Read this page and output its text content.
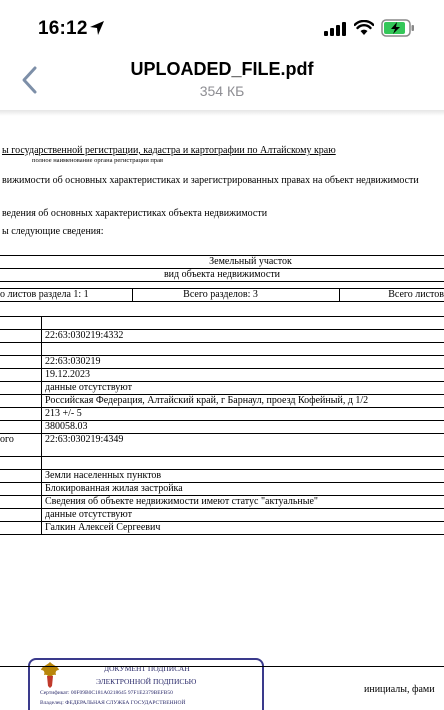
16:12
UPLOADED_FILE.pdf
354 КБ
ы государственной регистрации, кадастра и картографии по Алтайскому краю
полное наименование органа регистрации прав
вижимости об основных характеристиках и зарегистрированных правах на объект недвижимости
ведения об основных характеристиках объекта недвижимости
ы следующие сведения:
Земельный участок
вид объекта недвижимости
о листов раздела 1: 1	Всего разделов: 3	Всего листов

	22:63:030219:4332

	22:63:030219
	19.12.2023
	данные отсутствуют
	Российская Федерация, Алтайский край, г Барнаул, проезд Кофейный, д 1/2
	213 +/- 5
	380058.03
ого	22:63:030219:4349

	Земли населенных пунктов
	Блокированная жилая застройка
	Сведения об объекте недвижимости имеют статус "актуальные"
	данные отсутствуют
	Галкин Алексей Сергеевич
ДОКУМЕНТ ПОДПИСАН
ЭЛЕКТРОННОЙ ПОДПИСЬЮ
Сертификат: 00F09B0C181A0218645 97F1E2379BEFB50
Владелец: ФЕДЕРАЛЬНАЯ СЛУЖБА ГОСУДАРСТВЕННОЙ
инициалы, фами
